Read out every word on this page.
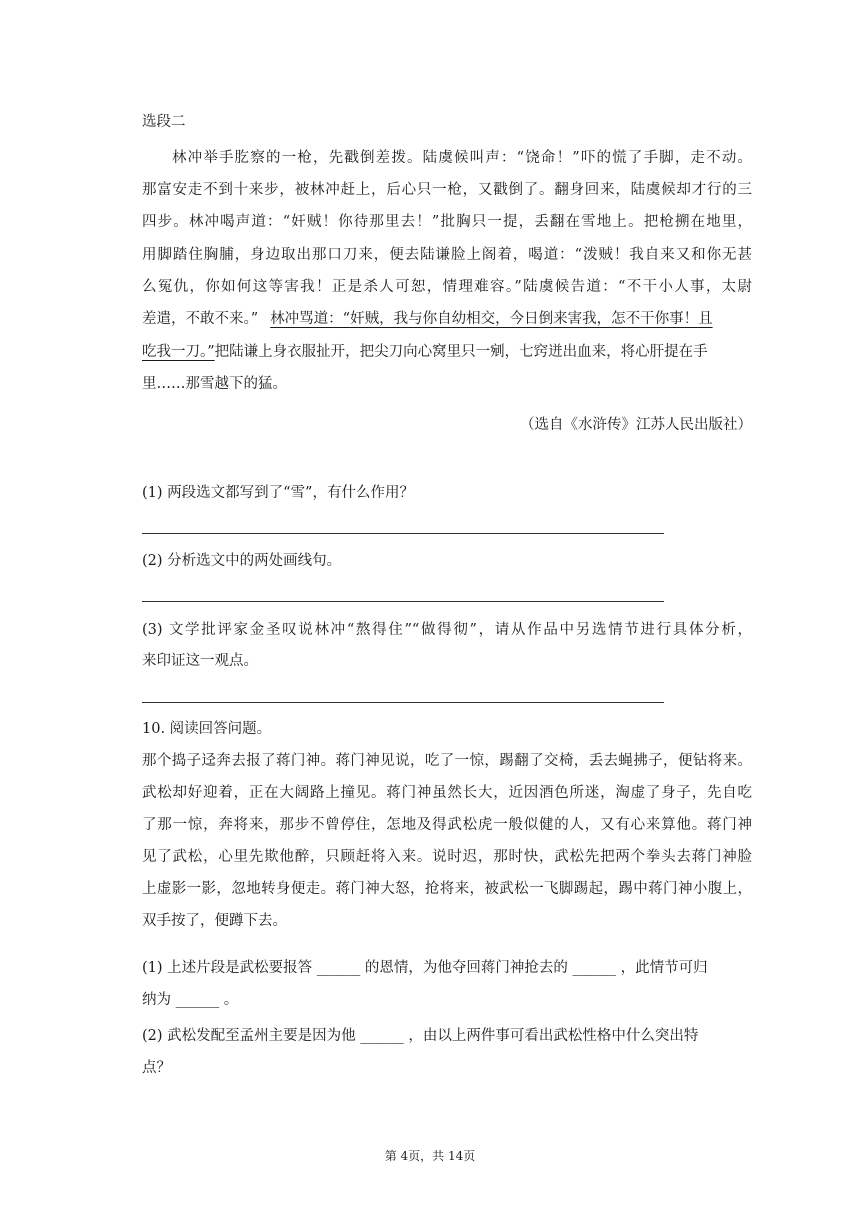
选段二
林冲举手肐察的一枪，先戳倒差拨。陆虞候叫声：“饶命！”吓的慌了手脚，走不动。
那富安走不到十来步，被林冲赶上，后心只一枪，又戳倒了。翻身回来，陆虞候却才行的三
四步。林冲喝声道：“奸贼！你待那里去！”批胸只一提，丢翻在雪地上。把枪搠在地里，
用脚踏住胸脯，身边取出那口刀来，便去陆谦脸上阁着，喝道：“泼贼！我自来又和你无甚
么冤仇，你如何这等害我！正是杀人可恕，情理难容。”陆虞候告道：“不干小人事，太尉
差遣，不敢不来。” 林冲骂道：“奸贼，我与你自幼相交，今日倒来害我，怎不干你事！且
吃我一刀。”把陆谦上身衣服扯开，把尖刀向心窝里只一剜，七窍迸出血来，将心肝提在手
里……那雪越下的猛。
（选自《水浒传》江苏人民出版社）
(1) 两段选文都写到了“雪”，有什么作用？
(2) 分析选文中的两处画线句。
(3) 文学批评家金圣叹说林冲“熬得住”“做得彻”，请从作品中另选情节进行具体分析，
来印证这一观点。
10. 阅读回答问题。
那个捣子迳奔去报了蒋门神。蒋门神见说，吃了一惊，踢翻了交椅，丢去蝇拂子，便钻将来。
武松却好迎着，正在大阔路上撞见。蒋门神虽然长大，近因酒色所迷，淘虚了身子，先自吃
了那一惊，奔将来，那步不曾停住，怎地及得武松虎一般似健的人，又有心来算他。蒋门神
见了武松，心里先欺他醉，只顾赶将入来。说时迟，那时快，武松先把两个拳头去蒋门神脸
上虚影一影，忽地转身便走。蒋门神大怒，抢将来，被武松一飞脚踢起，踢中蒋门神小腹上，
双手按了，便蹲下去。
(1) 上述片段是武松要报答 ______ 的恩情，为他夺回蒋门神抢去的 ______ ，此情节可归
纳为 ______ 。
(2) 武松发配至孟州主要是因为他 ______ ，由以上两件事可看出武松性格中什么突出特
点？
第 4页，共 14页
